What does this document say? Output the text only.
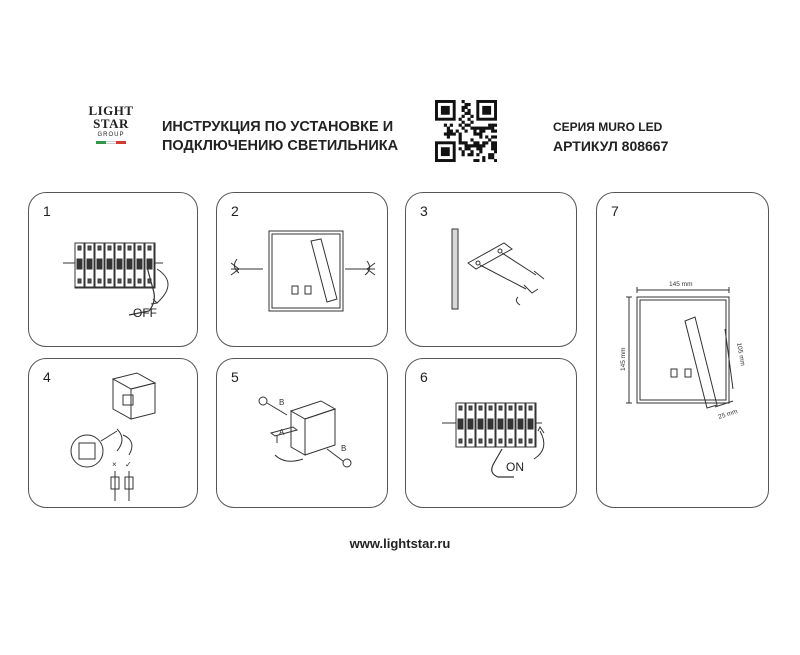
LIGHT
STAR
GROUP	ИНСТРУКЦИЯ ПО УСТАНОВКЕ И
ПОДКЛЮЧЕНИЮ СВЕТИЛЬНИКА
СЕРИЯ MURO LED
АРТИКУЛ 808667
1
OFF
2	3
4
× ✓
5
A
B
B
6
ON
7
145 mm
145 mm	105 mm
25 mm
www.lightstar.ru
